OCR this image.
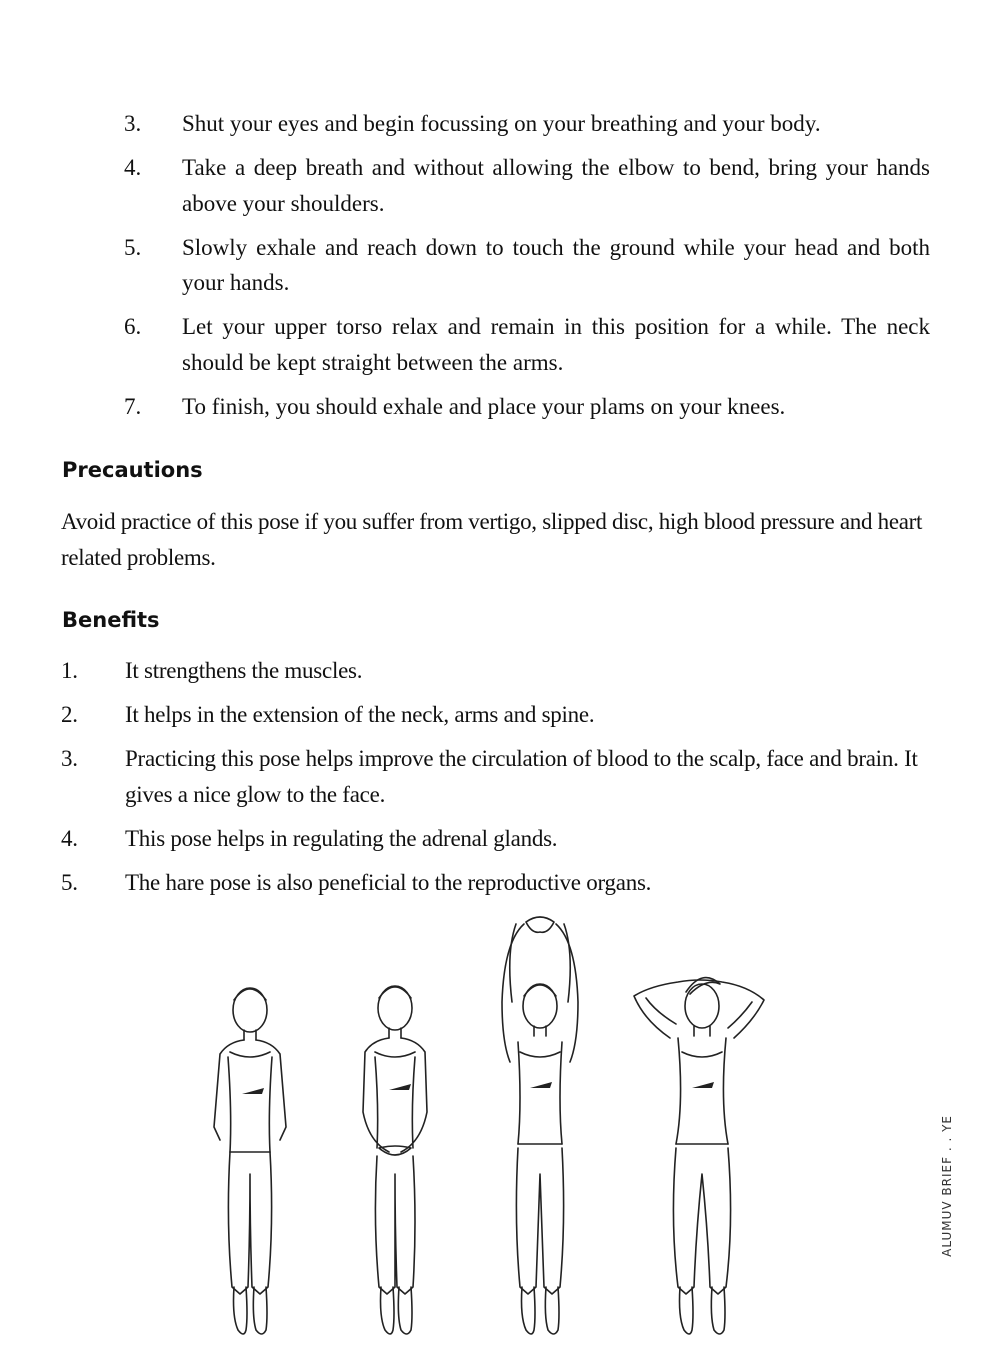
3. Shut your eyes and begin focussing on your breathing and your body.
4. Take a deep breath and without allowing the elbow to bend, bring your hands above your shoulders.
5. Slowly exhale and reach down to touch the ground while your head and both your hands.
6. Let your upper torso relax and remain in this position for a while. The neck should be kept straight between the arms.
7. To finish, you should exhale and place your plams on your knees.
Precautions

Avoid practice of this pose if you suffer from vertigo, slipped disc, high blood pressure and heart related problems.

Benefits
1. It strengthens the muscles.
2. It helps in the extension of the neck, arms and spine.
3. Practicing this pose helps improve the circulation of blood to the scalp, face and brain. It gives a nice glow to the face.
4. This pose helps in regulating the adrenal glands.
5. The hare pose is also peneficial to the reproductive organs.
ALUMUV BRIEF . . YE
